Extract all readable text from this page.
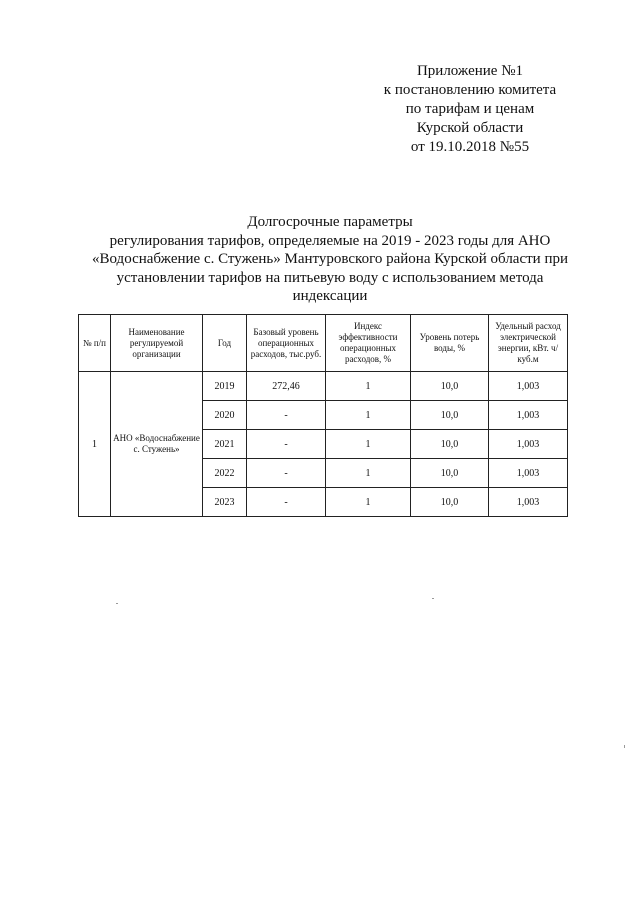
Приложение №1
к постановлению комитета
по тарифам и ценам
Курской области
от 19.10.2018 №55
Долгосрочные параметры
регулирования тарифов, определяемые на 2019 - 2023 годы для АНО
«Водоснабжение с. Стужень» Мантуровского района Курской области при
установлении тарифов на питьевую воду с использованием метода
индексации
№ п/п	Наименование регулируемой организации	Год	Базовый уровень операционных расходов, тыс.руб.	Индекс эффективности операционных расходов, %	Уровень потерь воды, %	Удельный расход электрической энергии, кВт. ч/куб.м
1	АНО «Водоснабжение с. Стужень»	2019	272,46	1	10,0	1,003
		2020	-	1	10,0	1,003
		2021	-	1	10,0	1,003
		2022	-	1	10,0	1,003
		2023	-	1	10,0	1,003
